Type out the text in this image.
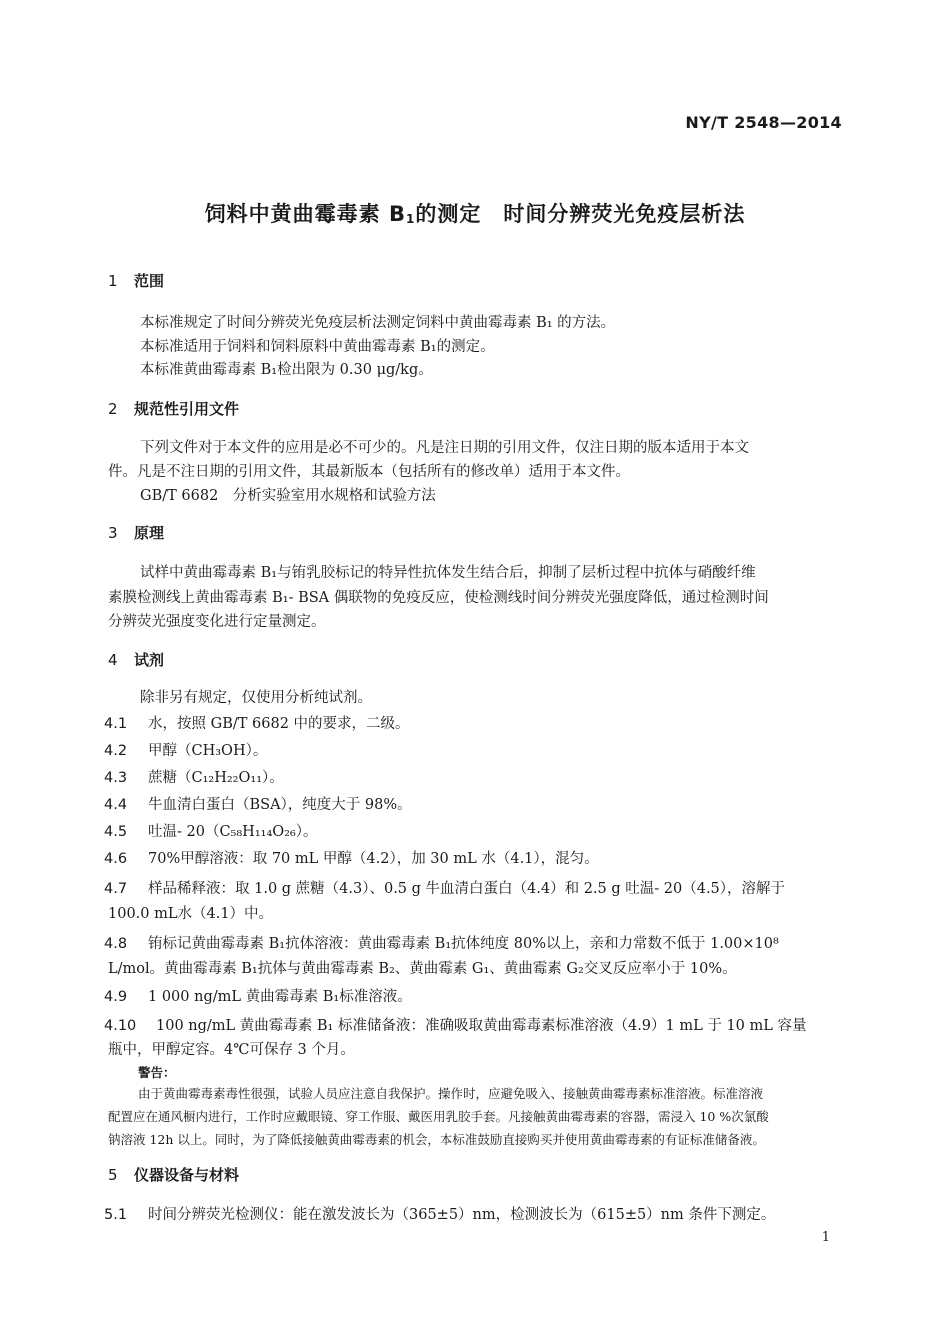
NY/T 2548—2014
饲料中黄曲霉毒素 $B_1$的测定　时间分辨荧光免疫层析法
1 范围
本标准规定了时间分辨荧光免疫层析法测定饲料中黄曲霉毒素 B₁ 的方法。
本标准适用于饲料和饲料原料中黄曲霉毒素 B₁的测定。
本标准黄曲霉毒素 B₁检出限为 0.30 μg/kg。
2 规范性引用文件
下列文件对于本文件的应用是必不可少的。凡是注日期的引用文件，仅注日期的版本适用于本文
件。凡是不注日期的引用文件，其最新版本（包括所有的修改单）适用于本文件。
GB/T 6682　分析实验室用水规格和试验方法
3 原理
试样中黄曲霉毒素 B₁与铕乳胶标记的特异性抗体发生结合后，抑制了层析过程中抗体与硝酸纤维
素膜检测线上黄曲霉毒素 B₁- BSA 偶联物的免疫反应，使检测线时间分辨荧光强度降低，通过检测时间
分辨荧光强度变化进行定量测定。
4 试剂
除非另有规定，仅使用分析纯试剂。
4.1 水，按照 GB/T 6682 中的要求，二级。
4.2 甲醇（CH₃OH）。
4.3 蔗糖（C₁₂H₂₂O₁₁）。
4.4 牛血清白蛋白（BSA），纯度大于 98%。
4.5 吐温- 20（C₅₈H₁₁₄O₂₆）。
4.6 70%甲醇溶液：取 70 mL 甲醇（4.2），加 30 mL 水（4.1），混匀。
4.7 样品稀释液：取 1.0 g 蔗糖（4.3）、0.5 g 牛血清白蛋白（4.4）和 2.5 g 吐温- 20（4.5），溶解于
100.0 mL水（4.1）中。
4.8 铕标记黄曲霉毒素 B₁抗体溶液：黄曲霉毒素 B₁抗体纯度 80%以上，亲和力常数不低于 1.00×10⁸
L/mol。黄曲霉毒素 B₁抗体与黄曲霉毒素 B₂、黄曲霉素 G₁、黄曲霉素 G₂交叉反应率小于 10%。
4.9 1 000 ng/mL 黄曲霉毒素 B₁标准溶液。
4.10 100 ng/mL 黄曲霉毒素 B₁ 标准储备液：准确吸取黄曲霉毒素标准溶液（4.9）1 mL 于 10 mL 容量
瓶中，甲醇定容。4℃可保存 3 个月。
警告：
由于黄曲霉毒素毒性很强，试验人员应注意自我保护。操作时，应避免吸入、接触黄曲霉毒素标准溶液。标准溶液
配置应在通风橱内进行，工作时应戴眼镜、穿工作服、戴医用乳胶手套。凡接触黄曲霉毒素的容器，需浸入 10 %次氯酸
钠溶液 12h 以上。同时，为了降低接触黄曲霉毒素的机会，本标准鼓励直接购买并使用黄曲霉毒素的有证标准储备液。
5 仪器设备与材料
5.1 时间分辨荧光检测仪：能在激发波长为（365±5）nm，检测波长为（615±5）nm 条件下测定。
1
